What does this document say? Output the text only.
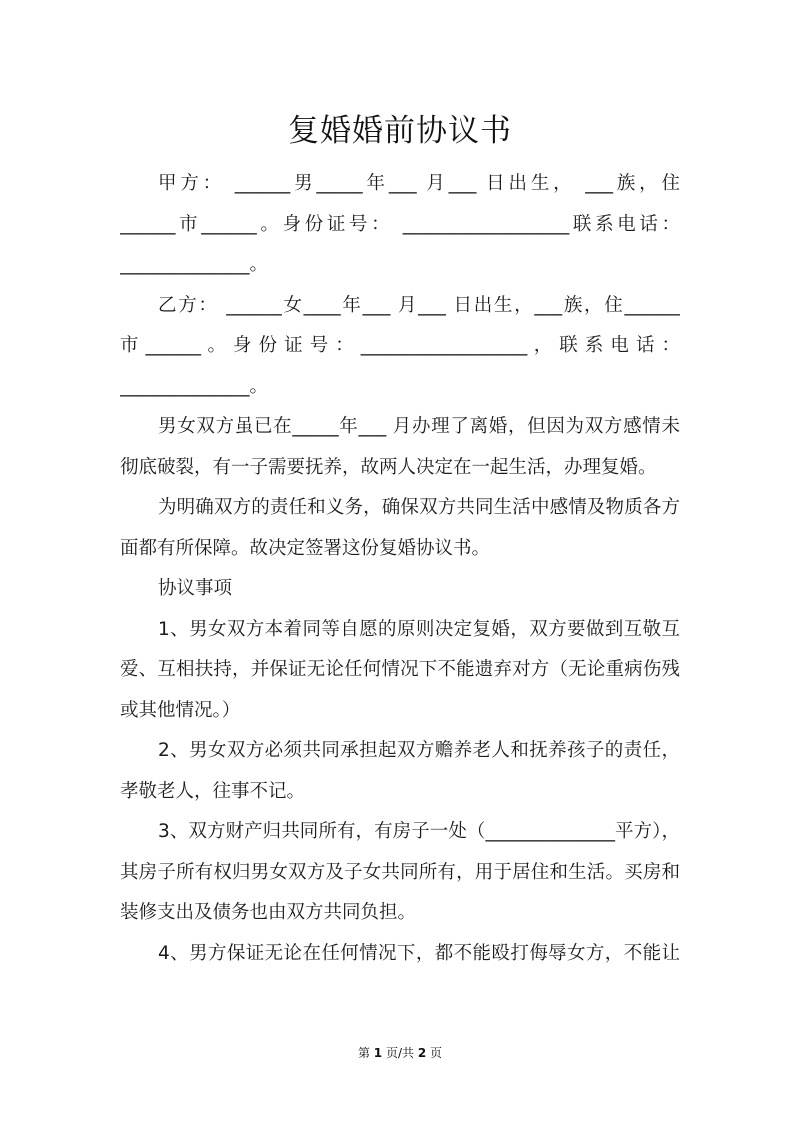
复婚婚前协议书
甲方： ______男_____年___ 月___ 日出生， ___族，住
______市______。身份证号： __________________联系电话：
______________。
乙方： ______女____年___ 月___ 日出生，___族，住______
市 ______ 。 身 份 证 号 ： __________________ ， 联 系 电 话 ：
______________。
男女双方虽已在_____年___ 月办理了离婚，但因为双方感情未
彻底破裂，有一子需要抚养，故两人决定在一起生活，办理复婚。
为明确双方的责任和义务，确保双方共同生活中感情及物质各方
面都有所保障。故决定签署这份复婚协议书。
协议事项
1、男女双方本着同等自愿的原则决定复婚，双方要做到互敬互
爱、互相扶持，并保证无论任何情况下不能遗弃对方（无论重病伤残
或其他情况。）
2、男女双方必须共同承担起双方赡养老人和抚养孩子的责任，
孝敬老人，往事不记。
3、双方财产归共同所有，有房子一处（______________平方），
其房子所有权归男女双方及子女共同所有，用于居住和生活。买房和
装修支出及债务也由双方共同负担。
4、男方保证无论在任何情况下，都不能殴打侮辱女方，不能让
第 1 页/共 2 页
